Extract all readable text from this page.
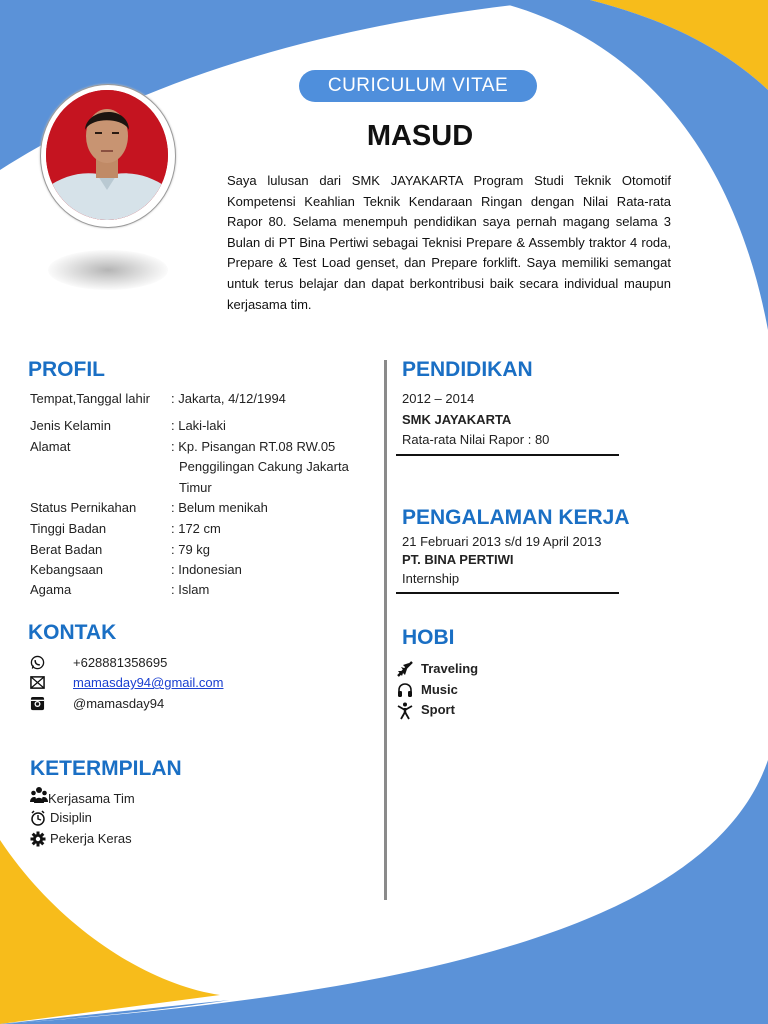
CURICULUM VITAE
MASUD
Saya lulusan dari SMK JAYAKARTA Program Studi Teknik Otomotif Kompetensi Keahlian Teknik Kendaraan Ringan dengan Nilai Rata-rata Rapor 80. Selama menempuh pendidikan saya pernah magang selama 3 Bulan di PT Bina Pertiwi sebagai Teknisi Prepare & Assembly traktor 4 roda, Prepare & Test Load genset, dan Prepare forklift. Saya memiliki semangat untuk terus belajar dan dapat berkontribusi baik secara individual maupun kerjasama tim.
PROFIL
Tempat,Tanggal lahir : Jakarta, 4/12/1994
Jenis Kelamin	: Laki-laki
Alamat	: Kp. Pisangan RT.08 RW.05
Penggilingan Cakung Jakarta
Timur
Status Pernikahan	: Belum menikah
Tinggi Badan	: 172 cm
Berat Badan	: 79 kg
Kebangsaan	: Indonesian
Agama	: Islam
KONTAK
+628881358695
mamasday94@gmail.com
@mamasday94
KETERMPILAN
Kerjasama Tim
Disiplin
Pekerja Keras
PENDIDIKAN
2012 – 2014
SMK JAYAKARTA
Rata-rata Nilai Rapor : 80
PENGALAMAN KERJA
21 Februari 2013 s/d 19 April 2013
PT. BINA PERTIWI
Internship
HOBI
Traveling
Music
Sport
